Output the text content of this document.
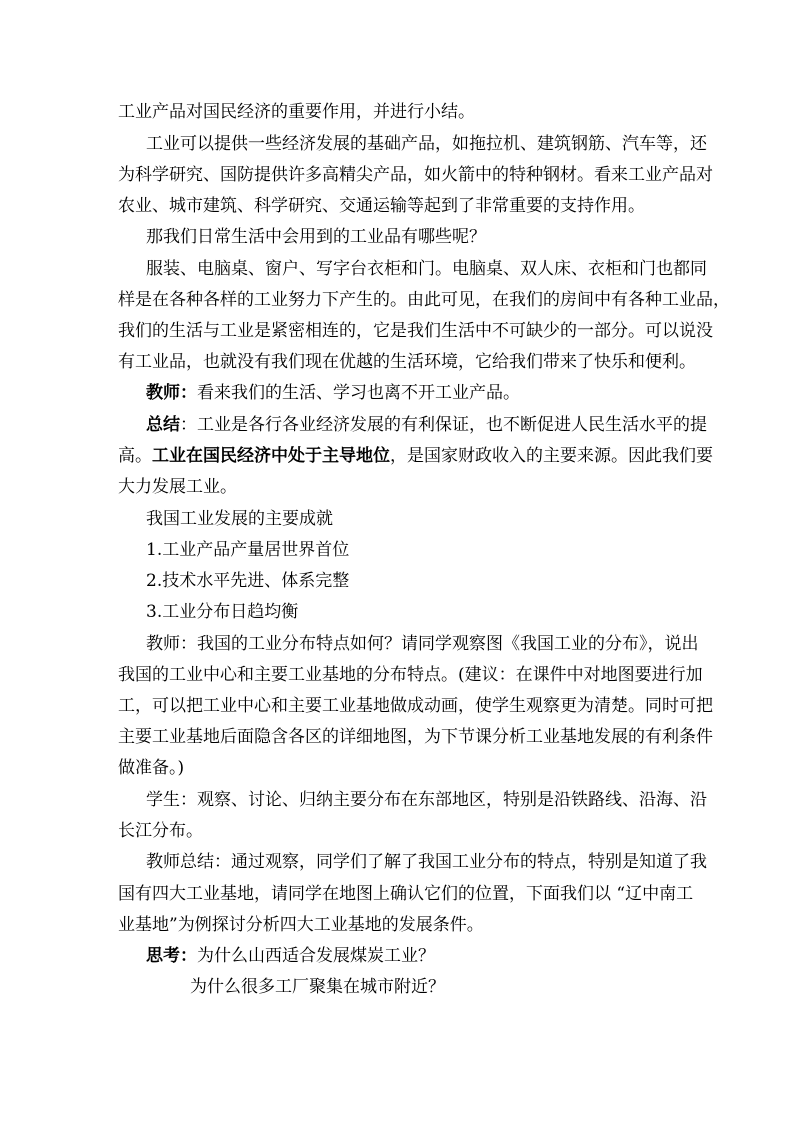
工业产品对国民经济的重要作用，并进行小结。
工业可以提供一些经济发展的基础产品，如拖拉机、建筑钢筋、汽车等，还
为科学研究、国防提供许多高精尖产品，如火箭中的特种钢材。看来工业产品对
农业、城市建筑、科学研究、交通运输等起到了非常重要的支持作用。
那我们日常生活中会用到的工业品有哪些呢？
服装、电脑桌、窗户、写字台衣柜和门。电脑桌、双人床、衣柜和门也都同
样是在各种各样的工业努力下产生的。由此可见，在我们的房间中有各种工业品，
我们的生活与工业是紧密相连的，它是我们生活中不可缺少的一部分。可以说没
有工业品，也就没有我们现在优越的生活环境，它给我们带来了快乐和便利。
教师：看来我们的生活、学习也离不开工业产品。
总结：工业是各行各业经济发展的有利保证，也不断促进人民生活水平的提
高。工业在国民经济中处于主导地位，是国家财政收入的主要来源。因此我们要
大力发展工业。
我国工业发展的主要成就
1.工业产品产量居世界首位
2.技术水平先进、体系完整
3.工业分布日趋均衡
教师：我国的工业分布特点如何？请同学观察图《我国工业的分布》，说出
我国的工业中心和主要工业基地的分布特点。(建议：在课件中对地图要进行加
工，可以把工业中心和主要工业基地做成动画，使学生观察更为清楚。同时可把
主要工业基地后面隐含各区的详细地图，为下节课分析工业基地发展的有利条件
做准备。)
学生：观察、讨论、归纳主要分布在东部地区，特别是沿铁路线、沿海、沿
长江分布。
教师总结：通过观察，同学们了解了我国工业分布的特点，特别是知道了我
国有四大工业基地，请同学在地图上确认它们的位置，下面我们以 “辽中南工
业基地”为例探讨分析四大工业基地的发展条件。
思考：为什么山西适合发展煤炭工业？
为什么很多工厂聚集在城市附近？
